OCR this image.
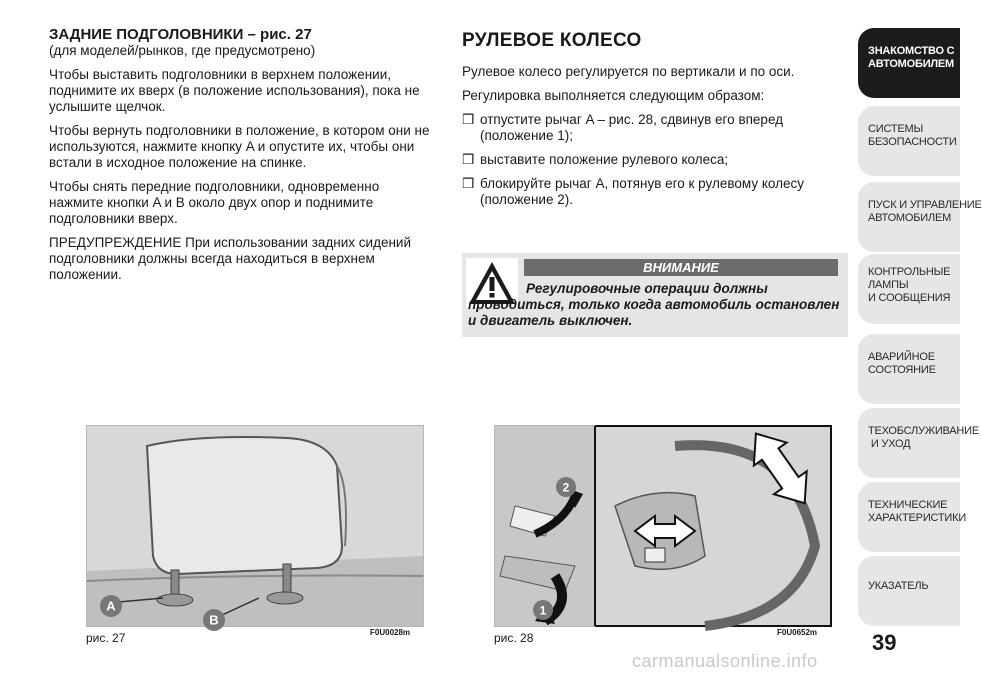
ЗАДНИЕ ПОДГОЛОВНИКИ – рис. 27
(для моделей/рынков, где предусмотрено)

Чтобы выставить подголовники в верхнем положении, поднимите их вверх (в положение использования), пока не услышите щелчок.

Чтобы вернуть подголовники в положение, в котором они не используются, нажмите кнопку A и опустите их, чтобы они встали в исходное положение на спинке.

Чтобы снять передние подголовники, одновременно нажмите кнопки A и B около двух опор и поднимите подголовники вверх.

ПРЕДУПРЕЖДЕНИЕ При использовании задних сидений подголовники должны всегда находиться в верхнем положении.

РУЛЕВОЕ КОЛЕСО

Рулевое колесо регулируется по вертикали и по оси.

Регулировка выполняется следующим образом:

❒ отпустите рычаг A – рис. 28, сдвинув его вперед (положение 1);
❒ выставите положение рулевого колеса;
❒ блокируйте рычаг A, потянув его к рулевому колесу (положение 2).
ВНИМАНИЕ
Регулировочные операции должны проводиться, только когда автомобиль остановлен и двигатель выключен.
A
B
рис. 27	F0U0028m
2
1
рис. 28	F0U0652m
ЗНАКОМСТВО С
АВТОМОБИЛЕМ
СИСТЕМЫ
БЕЗОПАСНОСТИ
ПУСК И УПРАВЛЕНИЕ
АВТОМОБИЛЕМ
КОНТРОЛЬНЫЕ
ЛАМПЫ
И СООБЩЕНИЯ
АВАРИЙНОЕ
СОСТОЯНИЕ
ТЕХОБСЛУЖИВАНИЕ
И УХОД
ТЕХНИЧЕСКИЕ
ХАРАКТЕРИСТИКИ
УКАЗАТЕЛЬ
39
carmanualsonline.info
